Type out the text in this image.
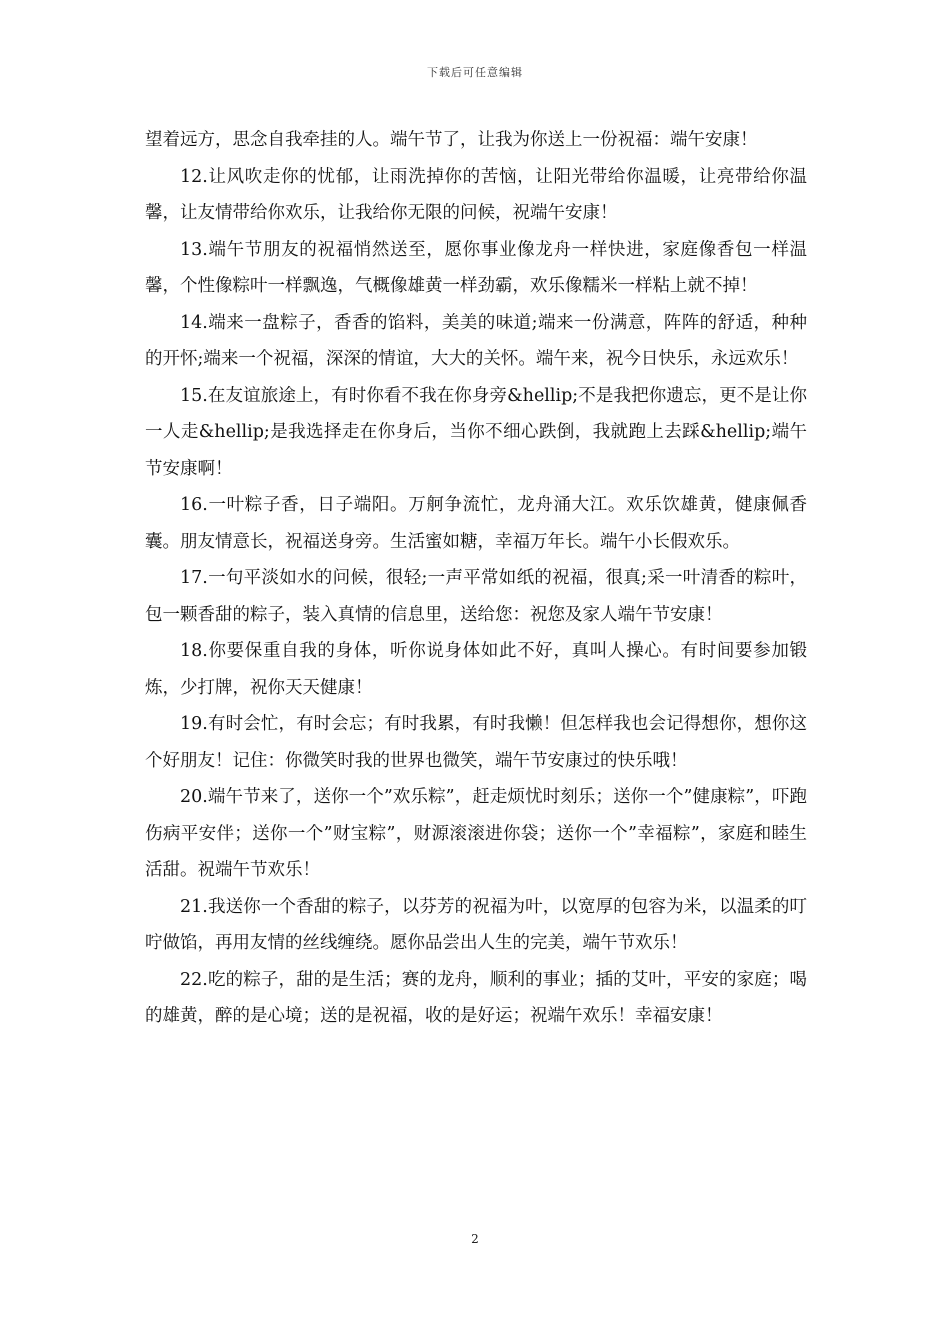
下载后可任意编辑

望着远方，思念自我牵挂的人。端午节了，让我为你送上一份祝福：端午安康！

12.让风吹走你的忧郁，让雨洗掉你的苦恼，让阳光带给你温暖，让亮带给你温馨，让友情带给你欢乐，让我给你无限的问候，祝端午安康！

13.端午节朋友的祝福悄然送至，愿你事业像龙舟一样快进，家庭像香包一样温馨，个性像粽叶一样飘逸，气概像雄黄一样劲霸，欢乐像糯米一样粘上就不掉！

14.端来一盘粽子，香香的馅料，美美的味道;端来一份满意，阵阵的舒适，种种的开怀;端来一个祝福，深深的情谊，大大的关怀。端午来，祝今日快乐，永远欢乐！

15.在友谊旅途上，有时你看不我在你身旁&hellip;不是我把你遗忘，更不是让你一人走&hellip;是我选择走在你身后，当你不细心跌倒，我就跑上去踩&hellip;端午节安康啊！

16.一叶粽子香，日子端阳。万舸争流忙，龙舟涌大江。欢乐饮雄黄，健康佩香囊。朋友情意长，祝福送身旁。生活蜜如糖，幸福万年长。端午小长假欢乐。

17.一句平淡如水的问候，很轻;一声平常如纸的祝福，很真;采一叶清香的粽叶，包一颗香甜的粽子，装入真情的信息里，送给您：祝您及家人端午节安康！

18.你要保重自我的身体，听你说身体如此不好，真叫人操心。有时间要参加锻炼，少打牌，祝你天天健康！

19.有时会忙，有时会忘；有时我累，有时我懒！但怎样我也会记得想你，想你这个好朋友！记住：你微笑时我的世界也微笑，端午节安康过的快乐哦！

20.端午节来了，送你一个”欢乐粽”，赶走烦忧时刻乐；送你一个”健康粽”，吓跑伤病平安伴；送你一个”财宝粽”，财源滚滚进你袋；送你一个”幸福粽”，家庭和睦生活甜。祝端午节欢乐！

21.我送你一个香甜的粽子，以芬芳的祝福为叶，以宽厚的包容为米，以温柔的叮咛做馅，再用友情的丝线缠绕。愿你品尝出人生的完美，端午节欢乐！

22.吃的粽子，甜的是生活；赛的龙舟，顺利的事业；插的艾叶，平安的家庭；喝的雄黄，醉的是心境；送的是祝福，收的是好运；祝端午欢乐！幸福安康！

2
